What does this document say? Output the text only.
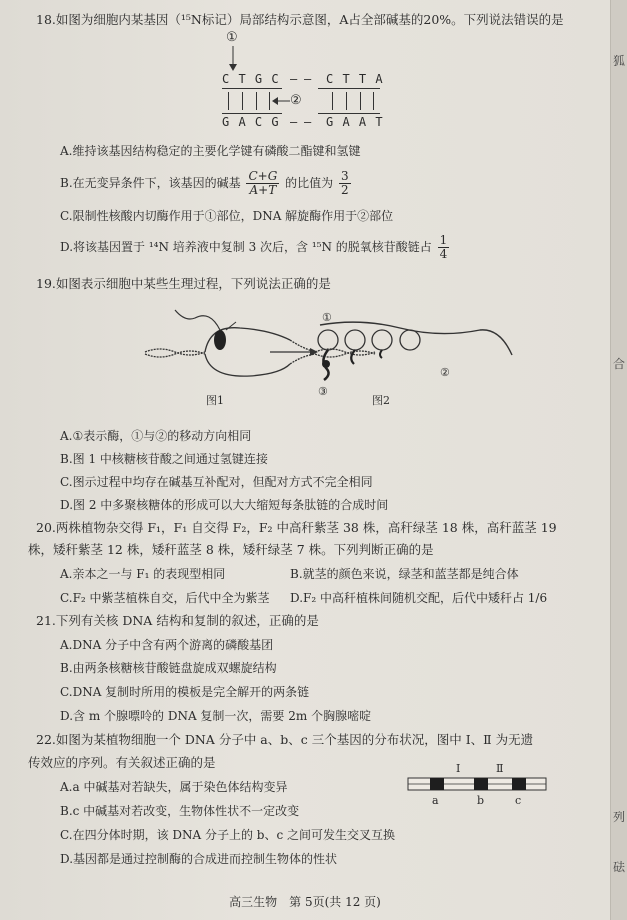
狐
合
列
砝
18.如图为细胞内某基因（¹⁵N标记）局部结构示意图，A占全部碱基的20%。下列说法错误的是
①
C T G C – – C T T A
②
G A C G – – G A A T
A.维持该基因结构稳定的主要化学键有磷酸二酯键和氢键
B.在无变异条件下，该基因的碱基 $\frac{C+G}{A+T}$ 的比值为 $\frac{3}{2}$
C.限制性核酸内切酶作用于①部位，DNA 解旋酶作用于②部位
D.将该基因置于 ¹⁴N 培养液中复制 3 次后，含 ¹⁵N 的脱氧核苷酸链占 $\frac{1}{4}$
19.如图表示细胞中某些生理过程，下列说法正确的是
①
图1	图2
③
②
A.①表示酶，①与②的移动方向相同
B.图 1 中核糖核苷酸之间通过氢键连接
C.图示过程中均存在碱基互补配对，但配对方式不完全相同
D.图 2 中多聚核糖体的形成可以大大缩短每条肽链的合成时间
20.两株植物杂交得 F₁，F₁ 自交得 F₂，F₂ 中高秆紫茎 38 株，高秆绿茎 18 株，高秆蓝茎 19
株，矮秆紫茎 12 株，矮秆蓝茎 8 株，矮秆绿茎 7 株。下列判断正确的是
A.亲本之一与 F₁ 的表现型相同	B.就茎的颜色来说，绿茎和蓝茎都是纯合体
C.F₂ 中紫茎植株自交，后代中全为紫茎 D.F₂ 中高秆植株间随机交配，后代中矮秆占 1/6
21.下列有关核 DNA 结构和复制的叙述，正确的是
A.DNA 分子中含有两个游离的磷酸基团
B.由两条核糖核苷酸链盘旋成双螺旋结构
C.DNA 复制时所用的模板是完全解开的两条链
D.含 m 个腺嘌呤的 DNA 复制一次，需要 2m 个胸腺嘧啶
22.如图为某植物细胞一个 DNA 分子中 a、b、c 三个基因的分布状况，图中 Ⅰ、Ⅱ 为无遗
传效应的序列。有关叙述正确的是	Ⅰ	Ⅱ
a	b	c
A.a 中碱基对若缺失，属于染色体结构变异
B.c 中碱基对若改变，生物体性状不一定改变
C.在四分体时期，该 DNA 分子上的 b、c 之间可发生交叉互换
D.基因都是通过控制酶的合成进而控制生物体的性状
高三生物　第 5页(共 12 页)
